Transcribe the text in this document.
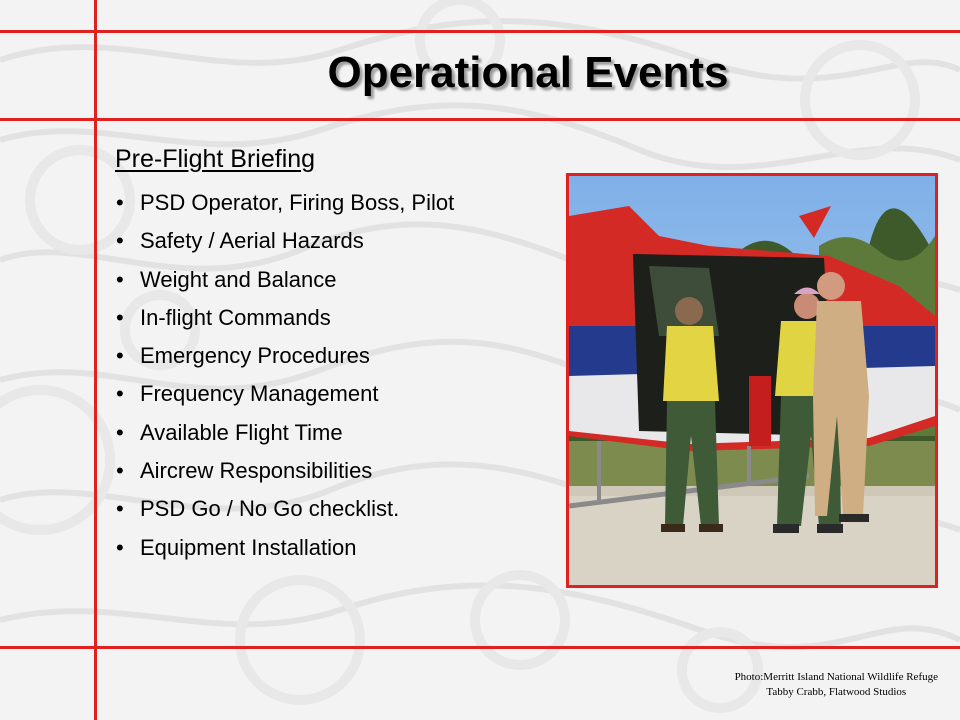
Operational Events
Pre-Flight Briefing
• PSD Operator, Firing Boss, Pilot
• Safety / Aerial Hazards
• Weight and Balance
• In-flight Commands
• Emergency Procedures
• Frequency Management
• Available Flight Time
• Aircrew Responsibilities
• PSD Go / No Go checklist.
• Equipment Installation
Photo:Merritt Island National Wildlife Refuge
Tabby Crabb, Flatwood Studios
